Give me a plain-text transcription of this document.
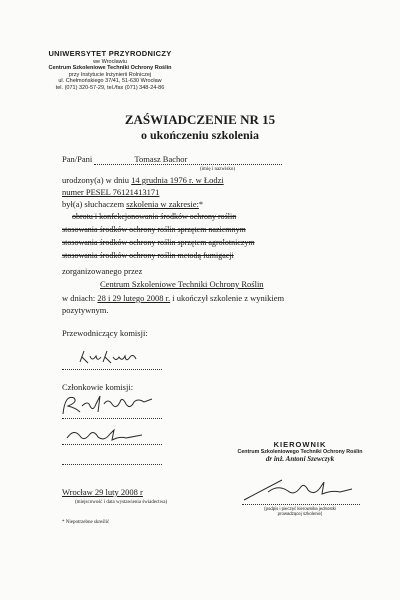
UNIWERSYTET PRZYRODNICZY
we Wrocławiu
Centrum Szkoleniowe Techniki Ochrony Roślin
przy Instytucie Inżynierii Rolniczej
ul. Chełmońskiego 37/41, 51-630 Wrocław
tel. (071) 320-57-29, tel./fax (071) 348-24-86
ZAŚWIADCZENIE NR 15
o ukończeniu szkolenia
Pan/Pani	Tomasz Bachor
(imię i nazwisko)
urodzony(a) w dniu 14 grudnia 1976 r. w Łodzi
numer PESEL 76121413171
był(a) słuchaczem szkolenia w zakresie:*
obrotu i konfekcjonowania środków ochrony roślin
stosowania środków ochrony roślin sprzętem naziemnym
stosowania środków ochrony roślin sprzętem agrolotniczym
stosowania środków ochrony roślin metodą fumigacji
zorganizowanego przez
Centrum Szkoleniowe Techniki Ochrony Roślin
w dniach: 28 i 29 lutego 2008 r. i ukończył szkolenie z wynikiem
pozytywnym.
Przewodniczący komisji:
Członkowie komisji:
KIEROWNIK
Centrum Szkoleniowego Techniki Ochrony Roślin
dr inż. Antoni Szewczyk
(podpis i pieczęć kierownika jednostki
prowadzącej szkolenie)
Wrocław 29 luty 2008 r
(miejscowość i data wystawienia świadectwa)
* Niepotrzebne skreślić
